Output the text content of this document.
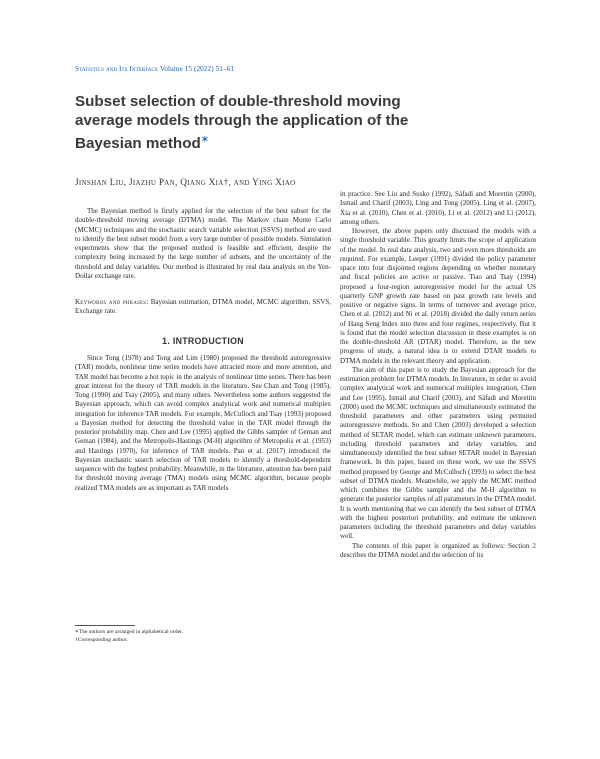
Statistics and Its Interface Volume 15 (2022) 51–61
Subset selection of double-threshold moving average models through the application of the Bayesian method∗
Jinshan Liu, Jiazhu Pan, Qiang Xia†, and Ying Xiao

The Bayesian method is firstly applied for the selection of the best subset for the double-threshold moving average (DTMA) model. The Markov chain Monte Carlo (MCMC) techniques and the stochastic search variable selection (SSVS) method are used to identify the best subset model from a very large number of possible models. Simulation experiments show that the proposed method is feasible and efficient, despite the complexity being increased by the large number of subsets, and the uncertainty of the threshold and delay variables. Our method is illustrated by real data analysis on the Yen-Dollar exchange rate.

Keywords and phrases: Bayesian estimation, DTMA model, MCMC algorithm, SSVS, Exchange rate.

1. INTRODUCTION

Since Tong (1978) and Tong and Lim (1980) proposed the threshold autoregressive (TAR) models, nonlinear time series models have attracted more and more attention, and TAR model has become a hot topic in the analysis of nonlinear time series. There has been great interest for the theory of TAR models in the literature. See Chan and Tong (1985), Tong (1990) and Tsay (2005), and many others. Nevertheless some authors suggested the Bayesian approach, which can avoid complex analytical work and numerical multiplex integration for inference TAR models. For example, McCulloch and Tsay (1993) proposed a Bayesian method for detecting the threshold value in the TAR model through the posterior probability map. Chen and Lee (1995) applied the Gibbs sampler of Geman and Geman (1984), and the Metropolis-Hastings (M-H) algorithm of Metropolis et al. (1953) and Hastings (1970), for inference of TAR models. Pan et al. (2017) introduced the Bayesian stochastic search selection of TAR models to identify a threshold-dependent sequence with the highest probability. Meanwhile, in the literature, attention has been paid for threshold moving average (TMA) models using MCMC algorithm, because people realized TMA models are as important as TAR models

∗The authors are arranged in alphabetical order.

†Corresponding author.

in practice. See Liu and Susko (1992), Sáfadi and Morettin (2000), Ismail and Charif (2003), Ling and Tong (2005), Ling et al. (2007), Xia et al. (2010), Chen et al. (2010), Li et al. (2012) and Li (2012), among others.

However, the above papers only discussed the models with a single threshold variable. This greatly limits the scope of application of the model. In real data analysis, two and even more thresholds are required. For example, Leeper (1991) divided the policy parameter space into four disjointed regions depending on whether monetary and fiscal policies are active or passive. Tiao and Tsay (1994) proposed a four-region autoregressive model for the actual US quarterly GNP growth rate based on past growth rate levels and positive or negative signs. In terms of turnover and average price, Chen et al. (2012) and Ni et al. (2018) divided the daily return series of Hang Seng Index into three and four regimes, respectively. But it is found that the model selection discussion in these examples is on the double-threshold AR (DTAR) model. Therefore, as the new progress of study, a natural idea is to extend DTAR models to DTMA models in the relevant theory and application.

The aim of this paper is to study the Bayesian approach for the estimation problem for DTMA models. In literature, in order to avoid complex analytical work and numerical multiplex integration, Chen and Lee (1995), Ismail and Charif (2003), and Sáfadi and Morettin (2000) used the MCMC techniques and simultaneously estimated the threshold parameters and other parameters using permuted autoregressive methods. So and Chen (2003) developed a selection method of SETAR model, which can estimate unknown parameters, including threshold parameters and delay variables, and simultaneously identified the best subset SETAR model in Bayesian framework. In this paper, based on these work, we use the SSVS method proposed by George and McCulloch (1993) to select the best subset of DTMA models. Meanwhile, we apply the MCMC method which combines the Gibbs sampler and the M-H algorithm to generate the posterior samples of all parameters in the DTMA model. It is worth mentioning that we can identify the best subset of DTMA with the highest posteriori probability, and estimate the unknown parameters including the threshold parameters and delay variables well.

The contents of this paper is organized as follows: Section 2 describes the DTMA model and the selection of its
